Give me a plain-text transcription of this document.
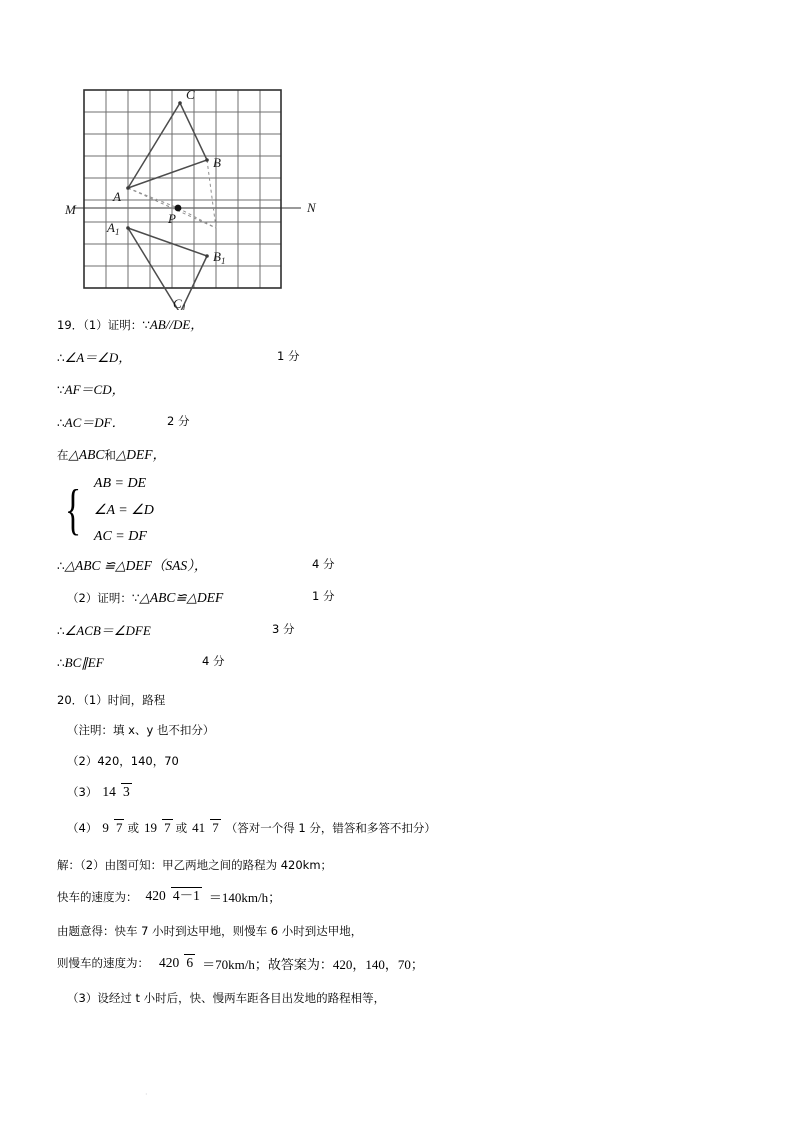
M	N
C
B
A
P
$A_1$
$B_1$
$C_1$
19．（1）证明：∵AB//DE，
∴∠A＝∠D，	1 分
∵AF＝CD，
∴AC＝DF．	2 分
在△ABC和△DEF，
{ AB = DE
∠A = ∠D
AC = DF
∴△ABC ≌△DEF（SAS），	4 分
（2）证明：∵△ABC≌△DEF	1 分
∴∠ACB＝∠DFE	3 分
∴BC∥EF	4 分
20．（1）时间，路程
（注明：填 x、y 也不扣分）
（2）420，140，70
（3） 14 3
（4） 9 7 或 19 7 或 41 7 （答对一个得 1 分，错答和多答不扣分）
解：（2）由图可知：甲乙两地之间的路程为 420km；
快车的速度为： 420 4－1 ＝140km/h；
由题意得：快车 7 小时到达甲地，则慢车 6 小时到达甲地，
则慢车的速度为： 420 6 ＝70km/h；故答案为：420，140，70；
（3）设经过 t 小时后，快、慢两车距各目出发地的路程相等，
·
